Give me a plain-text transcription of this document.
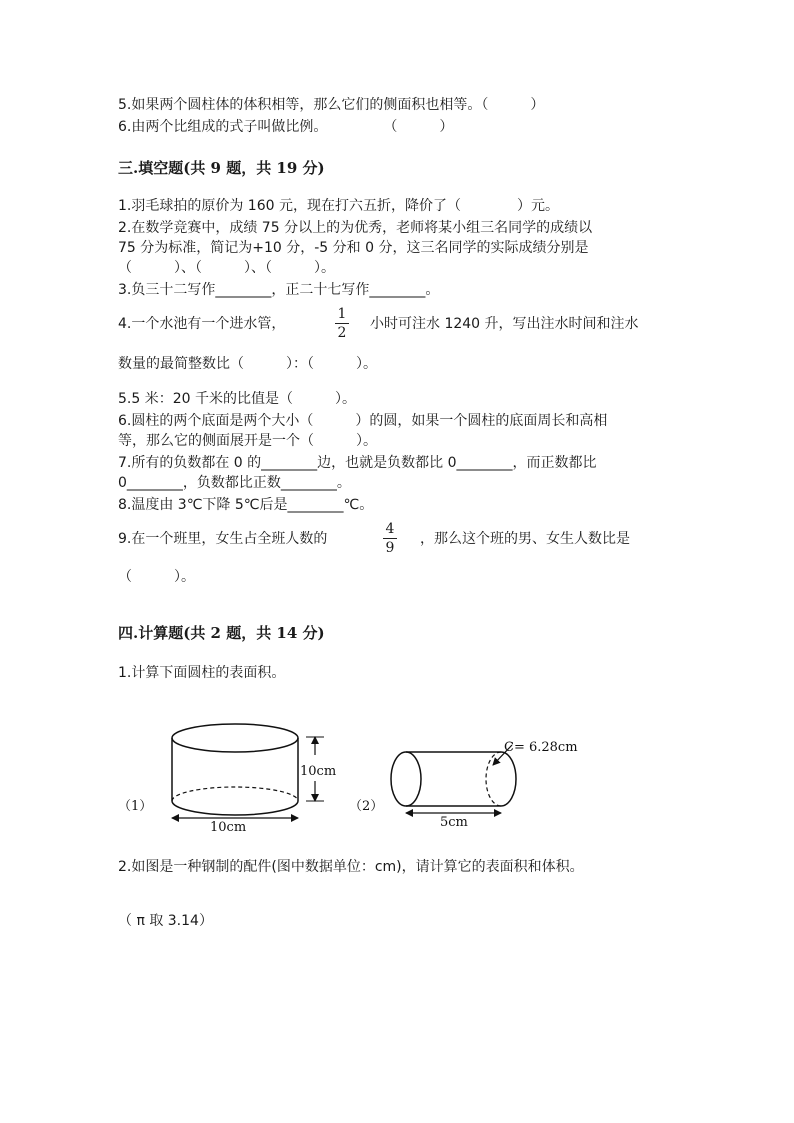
5.如果两个圆柱体的体积相等，那么它们的侧面积也相等。（　　　）
6.由两个比组成的式子叫做比例。　　　　　（　　　）
三.填空题(共 9 题，共 19 分)
1.羽毛球拍的原价为 160 元，现在打六五折，降价了（　　　　）元。
2.在数学竞赛中，成绩 75 分以上的为优秀，老师将某小组三名同学的成绩以
75 分为标准，简记为+10 分，-5 分和 0 分，这三名同学的实际成绩分别是
（　　　）、（　　　）、（　　　）。
3.负三十二写作________，正二十七写作________。
4.一个水池有一个进水管，
1
2
小时可注水 1240 升，写出注水时间和注水
数量的最简整数比（　　　）：（　　　）。
5.5 米：20 千米的比值是（　　　）。
6.圆柱的两个底面是两个大小（　　　）的圆，如果一个圆柱的底面周长和高相
等，那么它的侧面展开是一个（　　　）。
7.所有的负数都在 0 的________边，也就是负数都比 0________，而正数都比
0________，负数都比正数________。
8.温度由 3℃下降 5℃后是________℃。
9.在一个班里，女生占全班人数的
4
9
，那么这个班的男、女生人数比是
（　　　）。
四.计算题(共 2 题，共 14 分)
1.计算下面圆柱的表面积。
10cm
10cm
（1）
C= 6.28cm
5cm
（2）
2.如图是一种钢制的配件(图中数据单位：cm)，请计算它的表面积和体积。
（ π 取 3.14）
